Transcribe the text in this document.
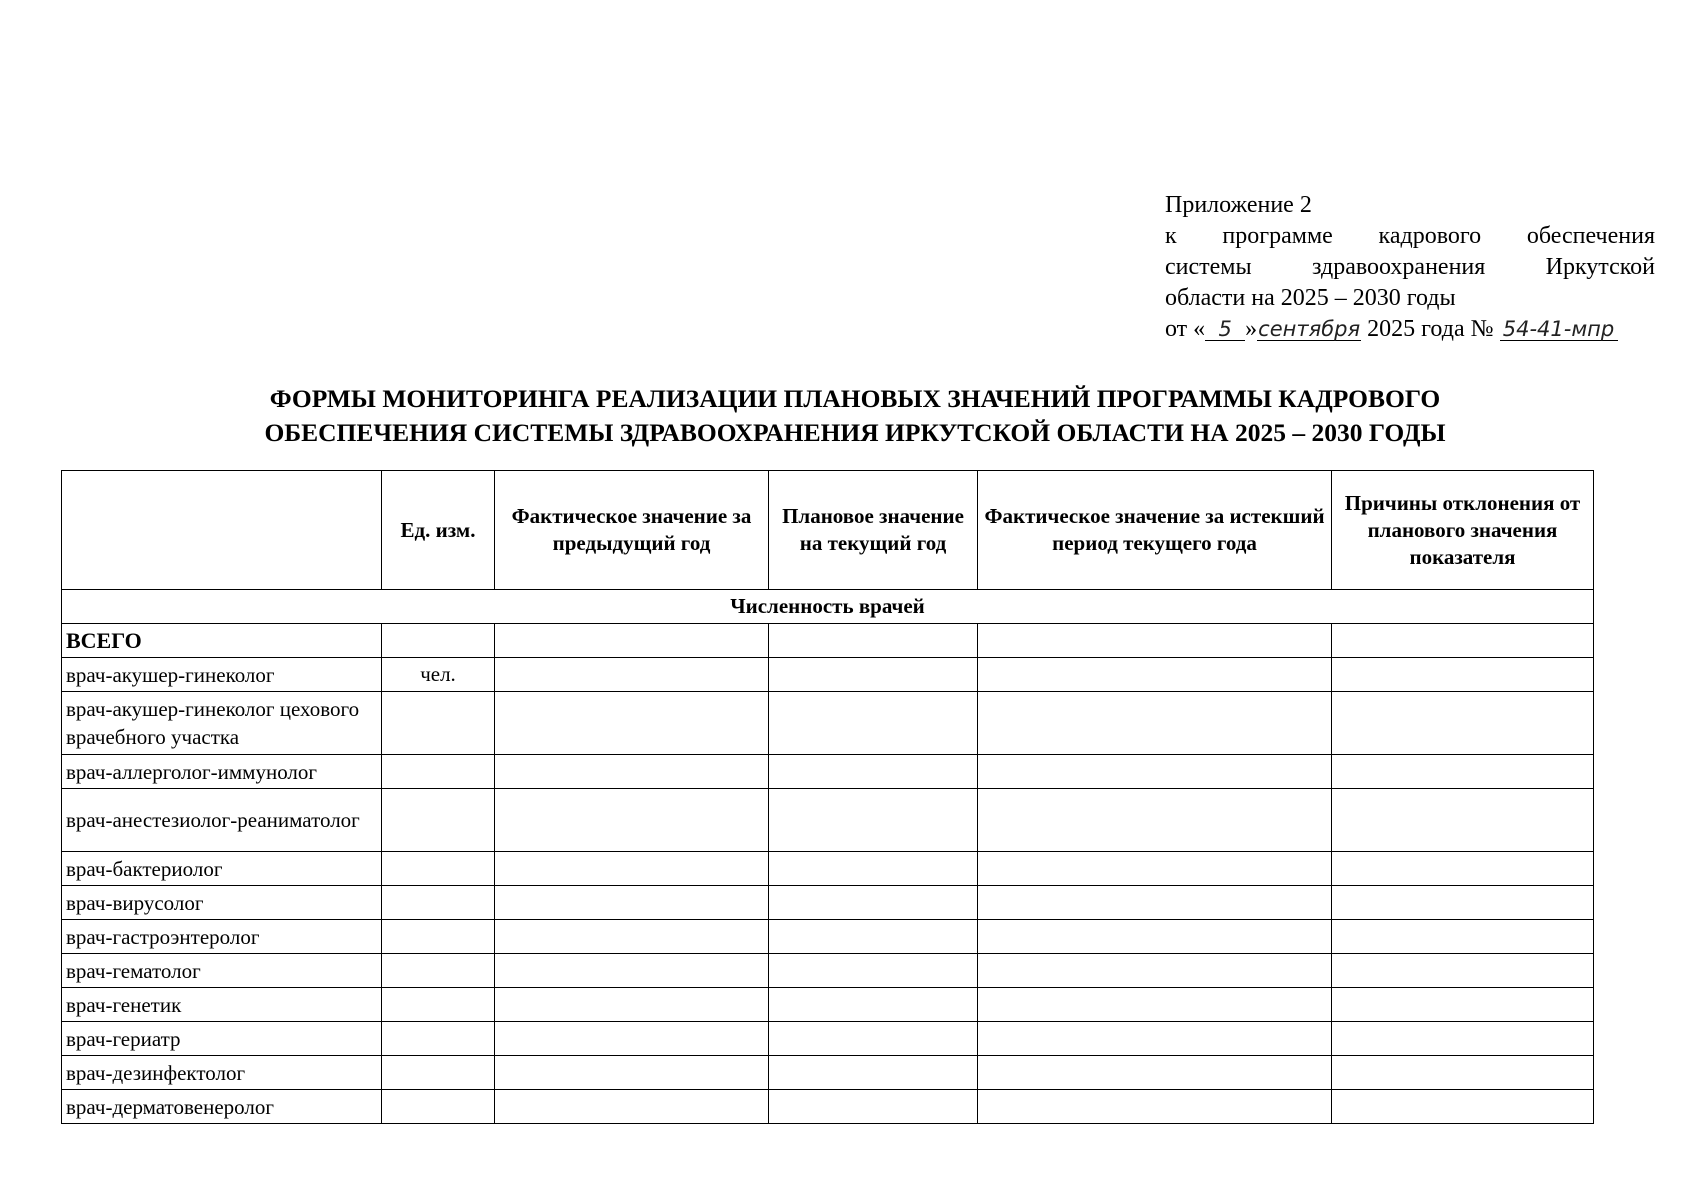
Приложение 2
к программе кадрового обеспечения
системы здравоохранения Иркутской
области на 2025 – 2030 годы
от « 5 »сентября 2025 года № 54-41-мпр
ФОРМЫ МОНИТОРИНГА РЕАЛИЗАЦИИ ПЛАНОВЫХ ЗНАЧЕНИЙ ПРОГРАММЫ КАДРОВОГО
ОБЕСПЕЧЕНИЯ СИСТЕМЫ ЗДРАВООХРАНЕНИЯ ИРКУТСКОЙ ОБЛАСТИ НА 2025 – 2030 ГОДЫ
	Ед. изм.	Фактическое значение за предыдущий год	Плановое значение на текущий год	Фактическое значение за истекший период текущего года	Причины отклонения от планового значения показателя
Численность врачей					
ВСЕГО					
врач-акушер-гинеколог	чел.				
врач-акушер-гинеколог цехового врачебного участка					
врач-аллерголог-иммунолог					
врач-анестезиолог-реаниматолог					
врач-бактериолог					
врач-вирусолог					
врач-гастроэнтеролог					
врач-гематолог					
врач-генетик					
врач-гериатр					
врач-дезинфектолог					
врач-дерматовенеролог					
